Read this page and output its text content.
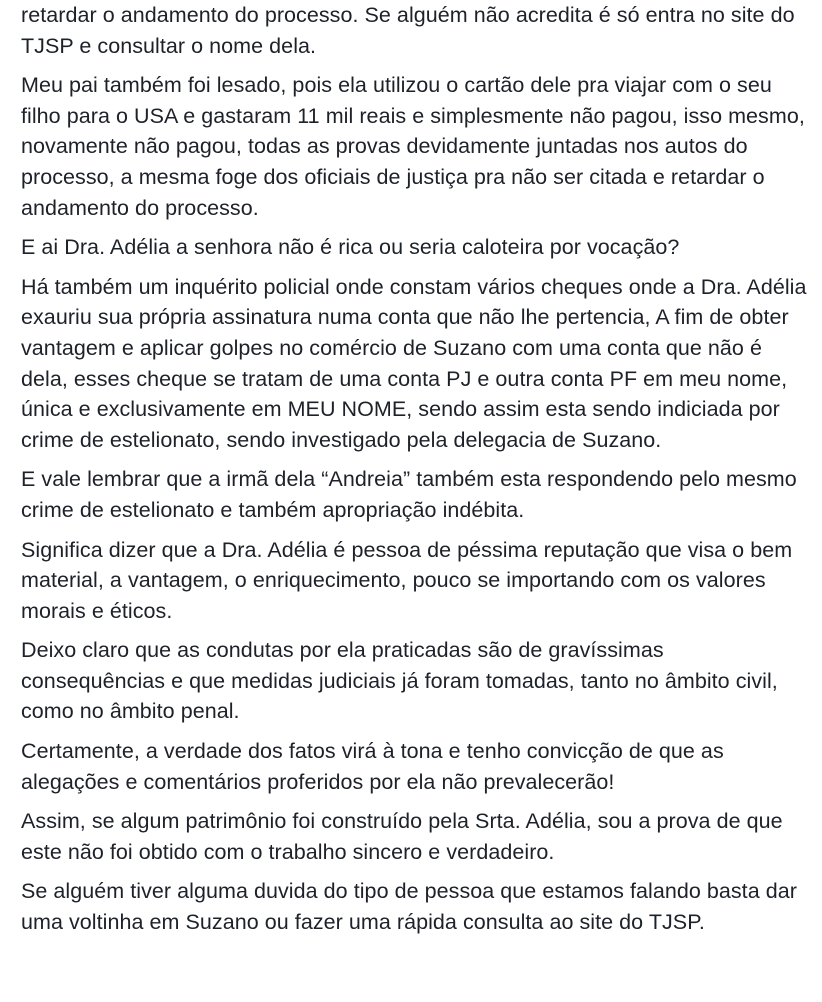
retardar o andamento do processo. Se alguém não acredita é só entra no site do TJSP e consultar o nome dela.

Meu pai também foi lesado, pois ela utilizou o cartão dele pra viajar com o seu filho para o USA e gastaram 11 mil reais e simplesmente não pagou, isso mesmo, novamente não pagou, todas as provas devidamente juntadas nos autos do processo, a mesma foge dos oficiais de justiça pra não ser citada e retardar o andamento do processo.

E ai Dra. Adélia a senhora não é rica ou seria caloteira por vocação?

Há também um inquérito policial onde constam vários cheques onde a Dra. Adélia exauriu sua própria assinatura numa conta que não lhe pertencia, A fim de obter vantagem e aplicar golpes no comércio de Suzano com uma conta que não é dela, esses cheque se tratam de uma conta PJ e outra conta PF em meu nome, única e exclusivamente em MEU NOME, sendo assim esta sendo indiciada por crime de estelionato, sendo investigado pela delegacia de Suzano.

E vale lembrar que a irmã dela “Andreia” também esta respondendo pelo mesmo crime de estelionato e também apropriação indébita.

Significa dizer que a Dra. Adélia é pessoa de péssima reputação que visa o bem material, a vantagem, o enriquecimento, pouco se importando com os valores morais e éticos.

Deixo claro que as condutas por ela praticadas são de gravíssimas consequências e que medidas judiciais já foram tomadas, tanto no âmbito civil, como no âmbito penal.

Certamente, a verdade dos fatos virá à tona e tenho convicção de que as alegações e comentários proferidos por ela não prevalecerão!

Assim, se algum patrimônio foi construído pela Srta. Adélia, sou a prova de que este não foi obtido com o trabalho sincero e verdadeiro.

Se alguém tiver alguma duvida do tipo de pessoa que estamos falando basta dar uma voltinha em Suzano ou fazer uma rápida consulta ao site do TJSP.
